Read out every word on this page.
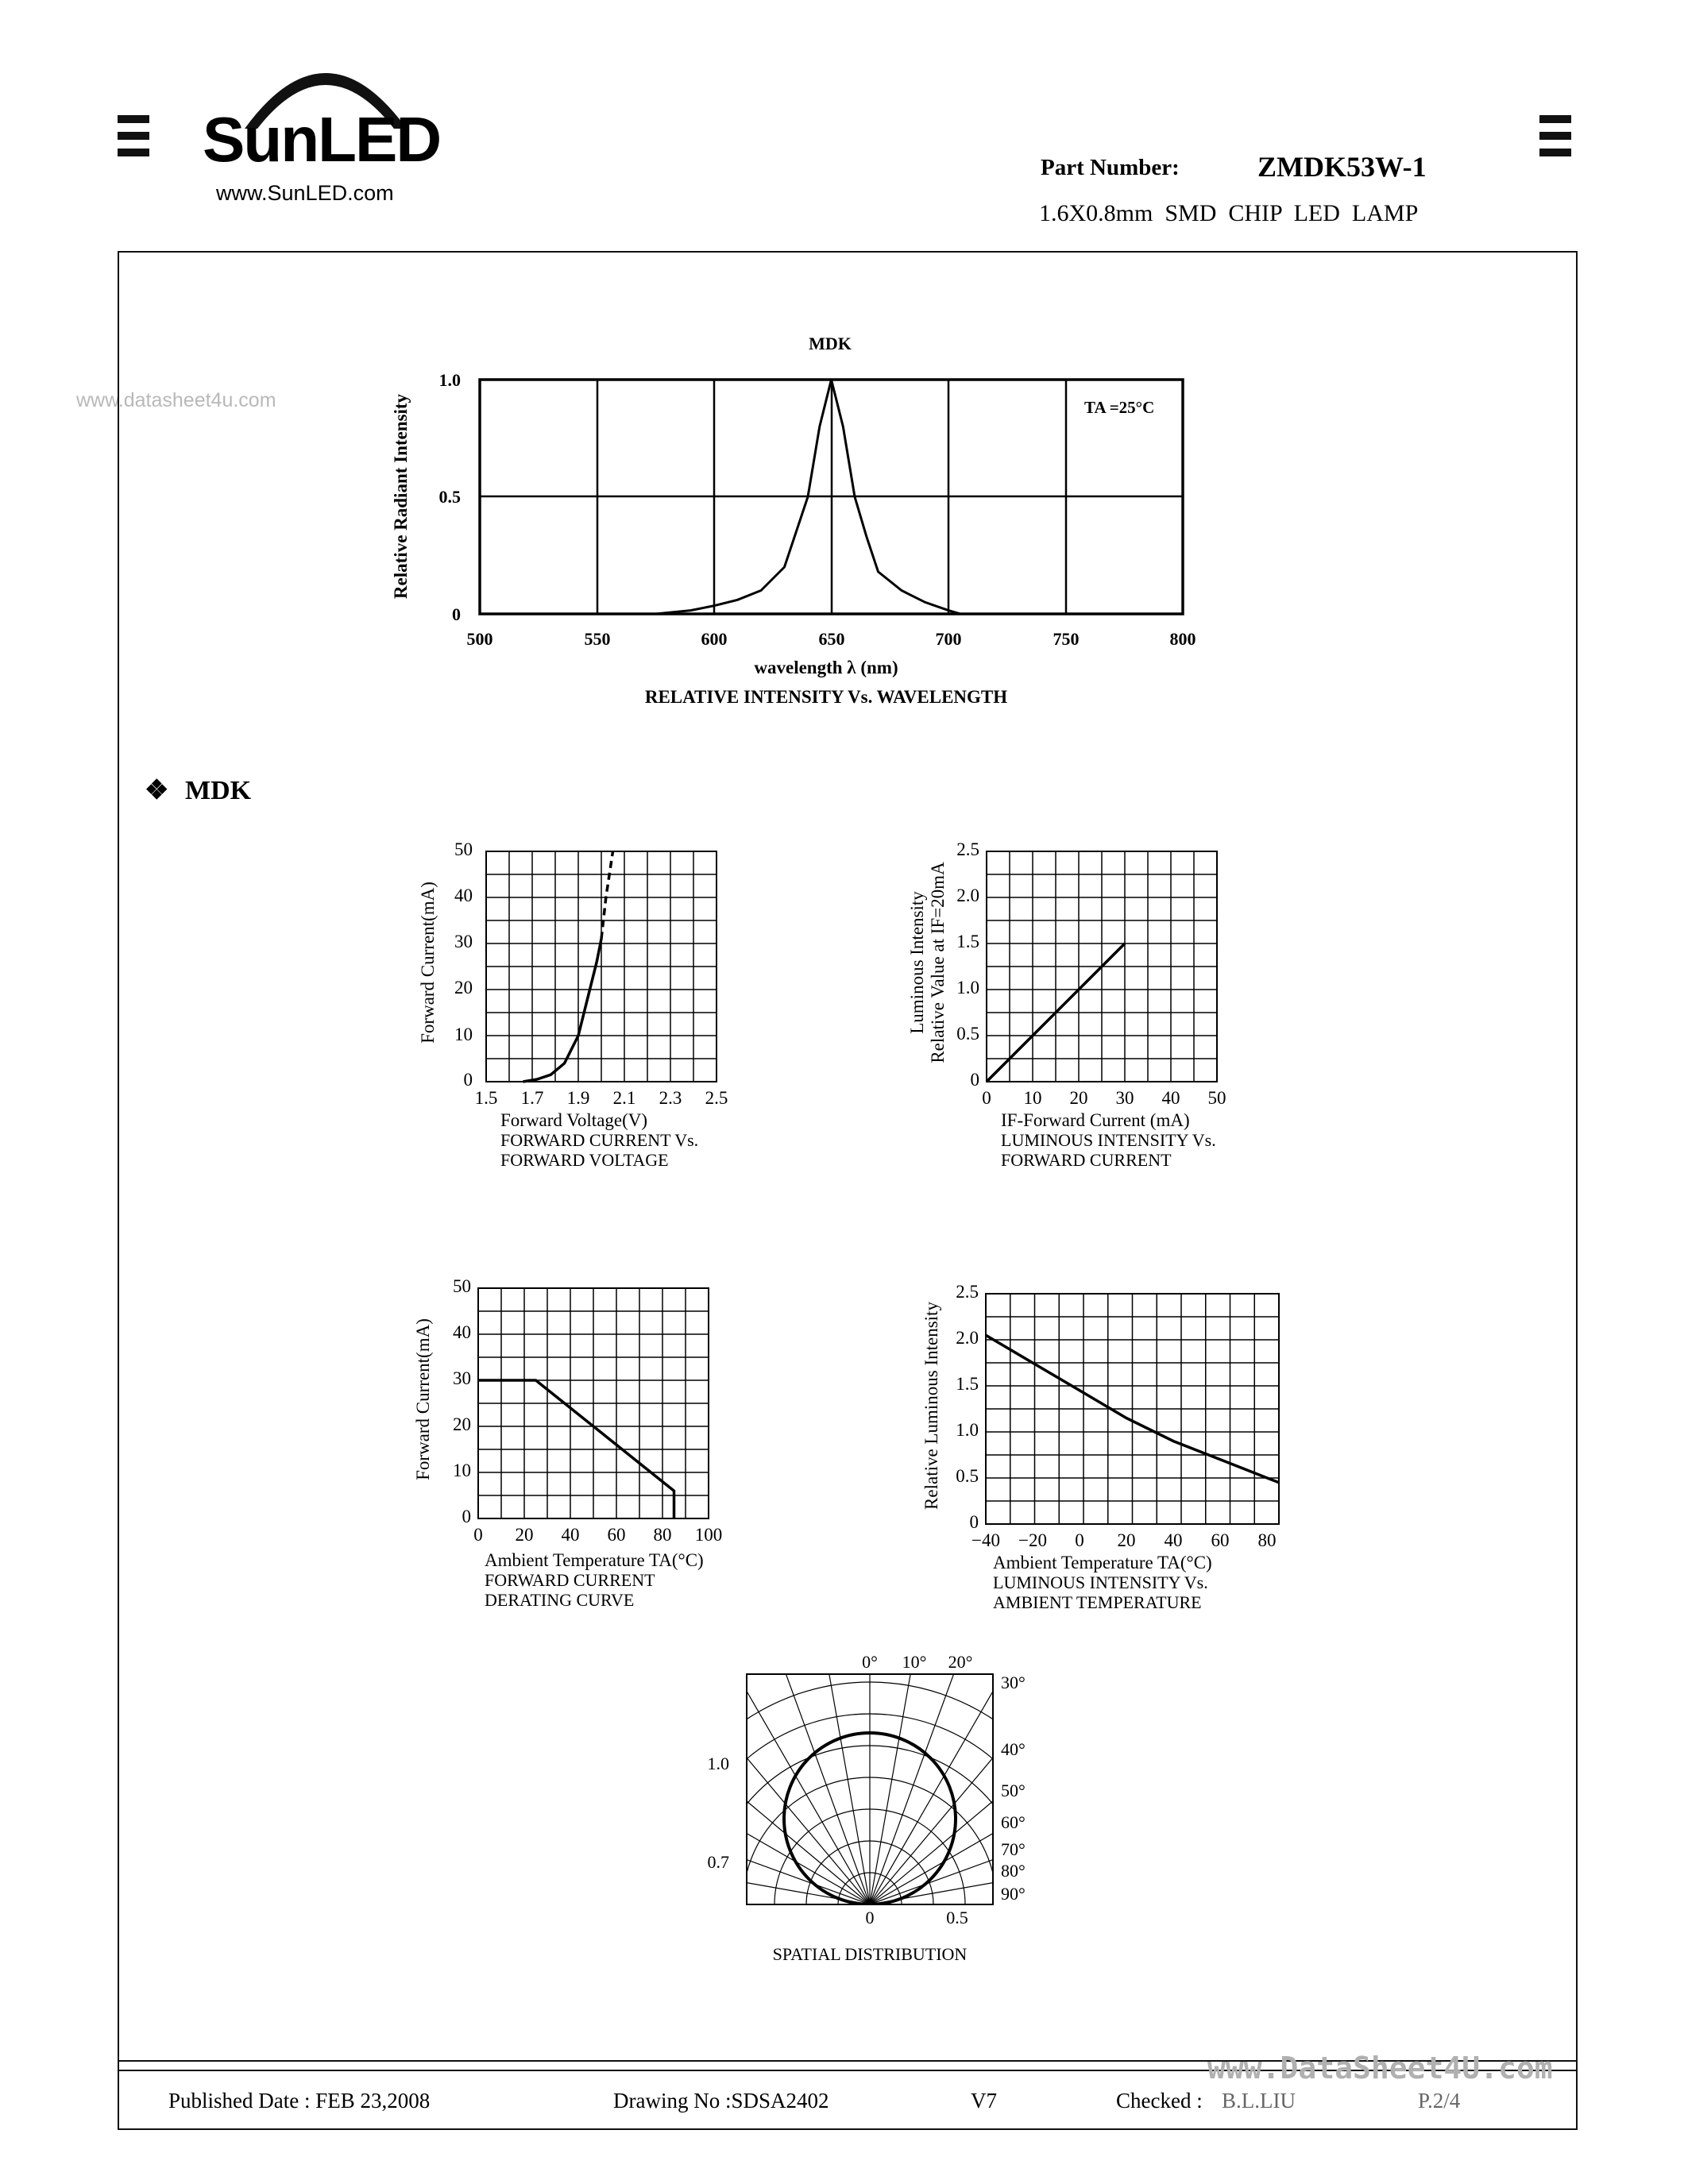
SunLED
www.SunLED.com
www.datasheet4u.com
Part Number:	ZMDK53W-1
1.6X0.8mm  SMD  CHIP  LED  LAMP
MDK
TA =25°C
0
0.5
1.0
500	550	600	650	700	750	800
Relative Radiant Intensity
wavelength λ (nm)
RELATIVE INTENSITY Vs. WAVELENGTH
❖ MDK
0
10
20
30
40
50
1.5 1.7 1.9 2.1 2.3 2.5
Forward Current(mA)
Forward Voltage(V)
FORWARD CURRENT Vs.
FORWARD VOLTAGE
0
0.5
1.0
1.5
2.0
2.5
0 10 20 30 40 50
Luminous Intensity Relative Value at IF=20mA
IF-Forward Current (mA)
LUMINOUS INTENSITY Vs.
FORWARD CURRENT
0
10
20
30
40
50
0 20 40 60 80 100
Forward Current(mA)
Ambient Temperature TA(°C)
FORWARD CURRENT
DERATING CURVE
0
0.5
1.0
1.5
2.0
2.5
−40 −20 0 20 40 60 80
Relative Luminous Intensity
Ambient Temperature TA(°C)
LUMINOUS INTENSITY Vs.
AMBIENT TEMPERATURE
0° 10° 20°
30°
40°
50°
60°
70°
80°
90°
1.0
0.7
0	0.5
SPATIAL DISTRIBUTION
www.DataSheet4U.com
Published Date : FEB 23,2008	Drawing No :SDSA2402	V7	Checked : B.L.LIU	P.2/4
